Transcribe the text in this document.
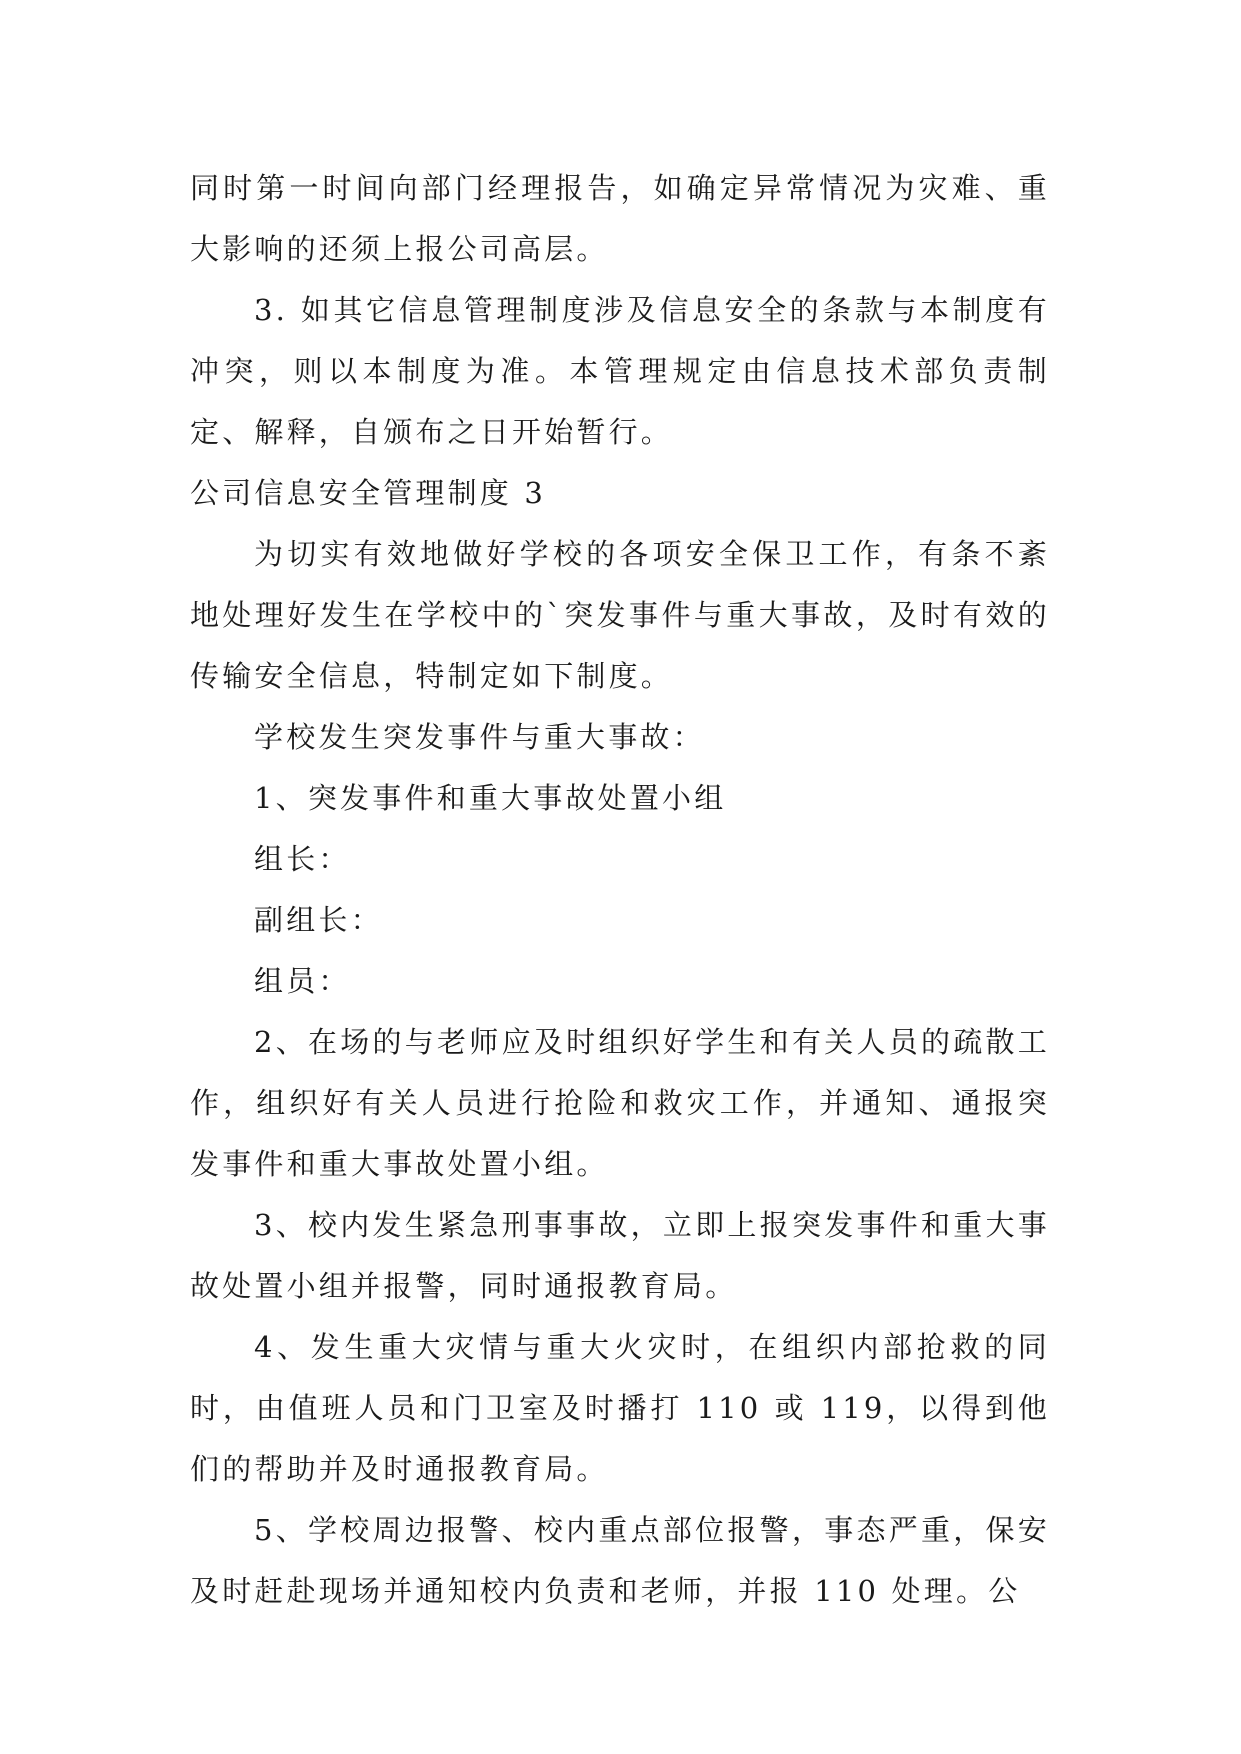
同时第一时间向部门经理报告，如确定异常情况为灾难、重大影响的还须上报公司高层。

3. 如其它信息管理制度涉及信息安全的条款与本制度有冲突，则以本制度为准。本管理规定由信息技术部负责制定、解释，自颁布之日开始暂行。

公司信息安全管理制度 3

为切实有效地做好学校的各项安全保卫工作，有条不紊地处理好发生在学校中的`突发事件与重大事故，及时有效的传输安全信息，特制定如下制度。

学校发生突发事件与重大事故：

1、突发事件和重大事故处置小组

组长：

副组长：

组员：

2、在场的与老师应及时组织好学生和有关人员的疏散工作，组织好有关人员进行抢险和救灾工作，并通知、通报突发事件和重大事故处置小组。

3、校内发生紧急刑事事故，立即上报突发事件和重大事故处置小组并报警，同时通报教育局。

4、发生重大灾情与重大火灾时，在组织内部抢救的同时，由值班人员和门卫室及时播打 110 或 119，以得到他们的帮助并及时通报教育局。

5、学校周边报警、校内重点部位报警，事态严重，保安及时赶赴现场并通知校内负责和老师，并报 110 处理。公
